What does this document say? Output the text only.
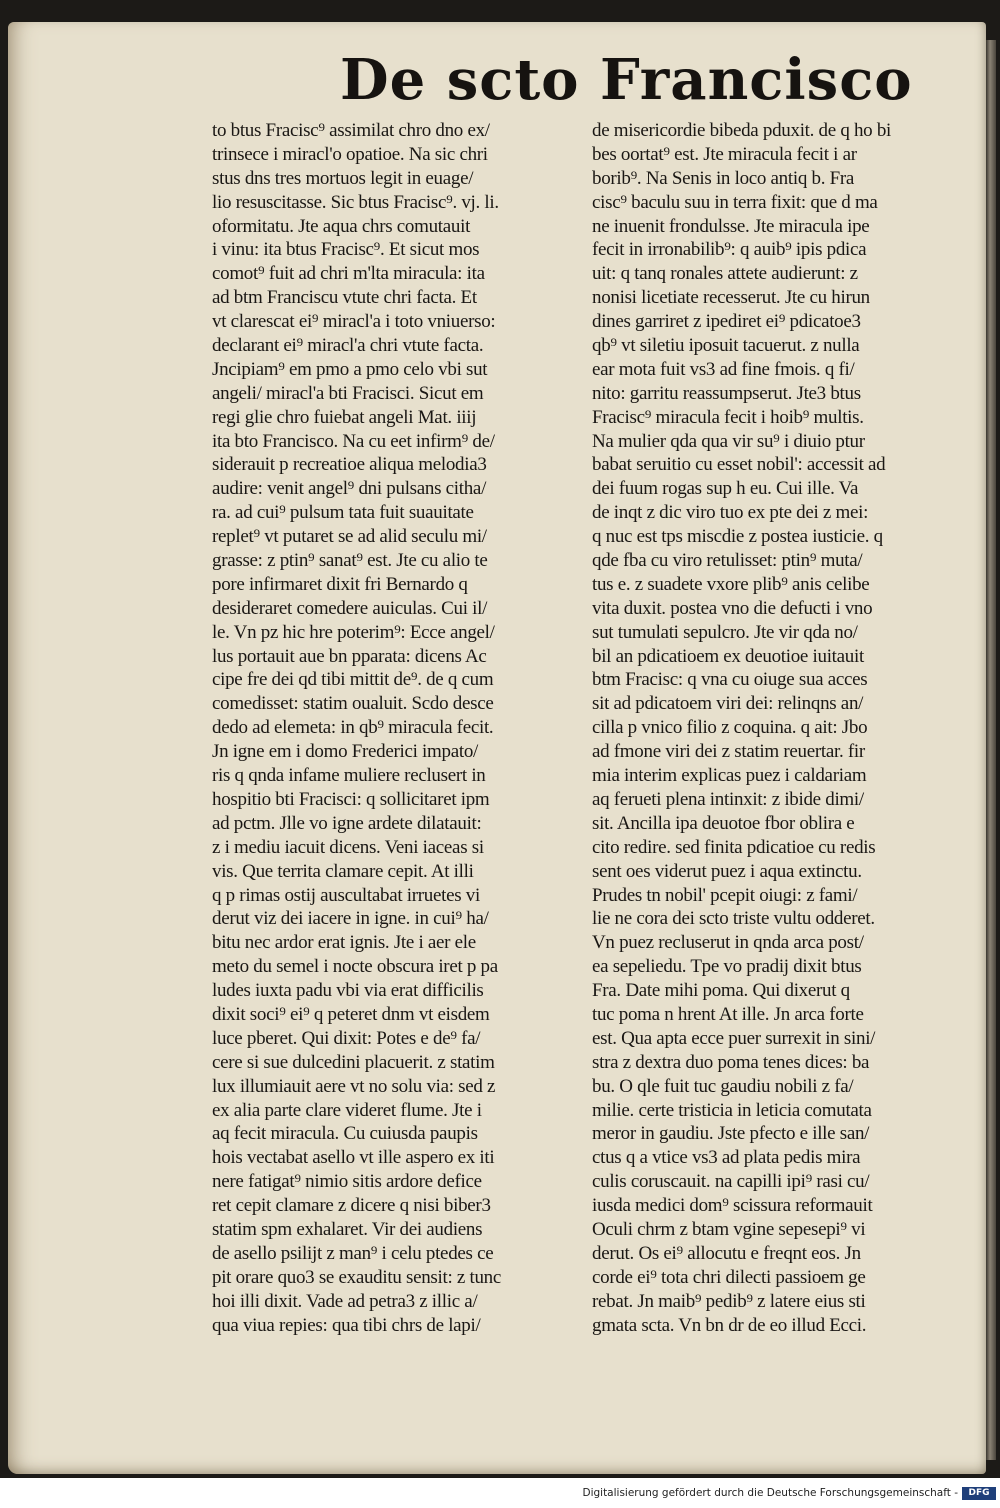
De scto Francisco
to btus Fracisc⁹ assimilat chro dno ex/
trinsece i miracl'o opatioe. Na sic chri
stus dns tres mortuos legit in euage/
lio resuscitasse. Sic btus Fracisc⁹. vj. li.
oformitatu. Jte aqua chrs comutauit
i vinu: ita btus Fracisc⁹. Et sicut mos
comot⁹ fuit ad chri m'lta miracula: ita
ad btm Franciscu vtute chri facta. Et
vt clarescat ei⁹ miracl'a i toto vniuerso:
declarant ei⁹ miracl'a chri vtute facta.
Jncipiam⁹ em pmo a pmo celo vbi sut
angeli/ miracl'a bti Fracisci. Sicut em
regi glie chro fuiebat angeli Mat. iiij
ita bto Francisco. Na cu eet infirm⁹ de/
siderauit p recreatioe aliqua melodia3
audire: venit angel⁹ dni pulsans citha/
ra. ad cui⁹ pulsum tata fuit suauitate
replet⁹ vt putaret se ad alid seculu mi/
grasse: z ptin⁹ sanat⁹ est. Jte cu alio te
pore infirmaret dixit fri Bernardo q
desideraret comedere auiculas. Cui il/
le. Vn pz hic hre poterim⁹: Ecce angel/
lus portauit aue bn pparata: dicens Ac
cipe fre dei qd tibi mittit de⁹. de q cum
comedisset: statim oualuit. Scdo desce
dedo ad elemeta: in qb⁹ miracula fecit.
Jn igne em i domo Frederici impato/
ris q qnda infame muliere reclusert in
hospitio bti Fracisci: q sollicitaret ipm
ad pctm. Jlle vo igne ardete dilatauit:
z i mediu iacuit dicens. Veni iaceas si
vis. Que territa clamare cepit. At illi
q p rimas ostij auscultabat irruetes vi
derut viz dei iacere in igne. in cui⁹ ha/
bitu nec ardor erat ignis. Jte i aer ele
meto du semel i nocte obscura iret p pa
ludes iuxta padu vbi via erat difficilis
dixit soci⁹ ei⁹ q peteret dnm vt eisdem
luce pberet. Qui dixit: Potes e de⁹ fa/
cere si sue dulcedini placuerit. z statim
lux illumiauit aere vt no solu via: sed z
ex alia parte clare videret flume. Jte i
aq fecit miracula. Cu cuiusda paupis
hois vectabat asello vt ille aspero ex iti
nere fatigat⁹ nimio sitis ardore defice
ret cepit clamare z dicere q nisi biber3
statim spm exhalaret. Vir dei audiens
de asello psilijt z man⁹ i celu ptedes ce
pit orare quo3 se exauditu sensit: z tunc
hoi illi dixit. Vade ad petra3 z illic a/
qua viua repies: qua tibi chrs de lapi/
de misericordie bibeda pduxit. de q ho bi
bes oortat⁹ est. Jte miracula fecit i ar
borib⁹. Na Senis in loco antiq b. Fra
cisc⁹ baculu suu in terra fixit: que d ma
ne inuenit frondulsse. Jte miracula ipe
fecit in irronabilib⁹: q auib⁹ ipis pdica
uit: q tanq ronales attete audierunt: z
nonisi licetiate recesserut. Jte cu hirun
dines garriret z ipediret ei⁹ pdicatoe3
qb⁹ vt siletiu iposuit tacuerut. z nulla
ear mota fuit vs3 ad fine fmois. q fi/
nito: garritu reassumpserut. Jte3 btus
Fracisc⁹ miracula fecit i hoib⁹ multis.
Na mulier qda qua vir su⁹ i diuio ptur
babat seruitio cu esset nobil': accessit ad
dei fuum rogas sup h eu. Cui ille. Va
de inqt z dic viro tuo ex pte dei z mei:
q nuc est tps miscdie z postea iusticie. q
qde fba cu viro retulisset: ptin⁹ muta/
tus e. z suadete vxore plib⁹ anis celibe
vita duxit. postea vno die defucti i vno
sut tumulati sepulcro. Jte vir qda no/
bil an pdicatioem ex deuotioe iuitauit
btm Fracisc: q vna cu oiuge sua acces
sit ad pdicatoem viri dei: relinqns an/
cilla p vnico filio z coquina. q ait: Jbo
ad fmone viri dei z statim reuertar. fir
mia interim explicas puez i caldariam
aq ferueti plena intinxit: z ibide dimi/
sit. Ancilla ipa deuotoe fbor oblira e
cito redire. sed finita pdicatioe cu redis
sent oes viderut puez i aqua extinctu.
Prudes tn nobil' pcepit oiugi: z fami/
lie ne cora dei scto triste vultu odderet.
Vn puez recluserut in qnda arca post/
ea sepeliedu. Tpe vo pradij dixit btus
Fra. Date mihi poma. Qui dixerut q
tuc poma n hrent At ille. Jn arca forte
est. Qua apta ecce puer surrexit in sini/
stra z dextra duo poma tenes dices: ba
bu. O qle fuit tuc gaudiu nobili z fa/
milie. certe tristicia in leticia comutata
meror in gaudiu. Jste pfecto e ille san/
ctus q a vtice vs3 ad plata pedis mira
culis coruscauit. na capilli ipi⁹ rasi cu/
iusda medici dom⁹ scissura reformauit
Oculi chrm z btam vgine sepesepi⁹ vi
derut. Os ei⁹ allocutu e freqnt eos. Jn
corde ei⁹ tota chri dilecti passioem ge
rebat. Jn maib⁹ pedib⁹ z latere eius sti
gmata scta. Vn bn dr de eo illud Ecci.
Digitalisierung gefördert durch die Deutsche Forschungsgemeinschaft -	DFG
